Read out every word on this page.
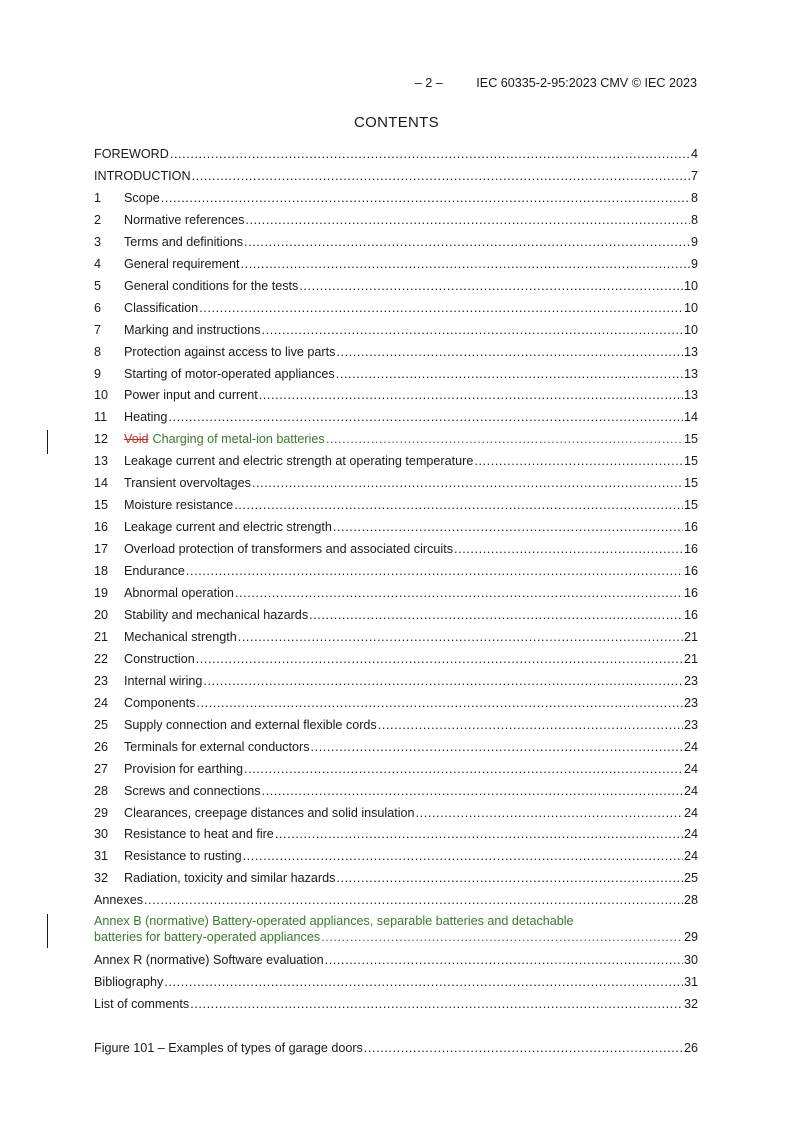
– 2 –	IEC 60335-2-95:2023 CMV © IEC 2023
CONTENTS
FOREWORD .....	4
INTRODUCTION .....	7
1	Scope .....	8
2	Normative references .....	8
3	Terms and definitions .....	9
4	General requirement .....	9
5	General conditions for the tests .....	10
6	Classification .....	10
7	Marking and instructions .....	10
8	Protection against access to live parts .....	13
9	Starting of motor-operated appliances .....	13
10	Power input and current .....	13
11	Heating .....	14
12	Void Charging of metal-ion batteries .....	15
13	Leakage current and electric strength at operating temperature .....	15
14	Transient overvoltages .....	15
15	Moisture resistance .....	15
16	Leakage current and electric strength .....	16
17	Overload protection of transformers and associated circuits .....	16
18	Endurance .....	16
19	Abnormal operation .....	16
20	Stability and mechanical hazards .....	16
21	Mechanical strength .....	21
22	Construction .....	21
23	Internal wiring .....	23
24	Components .....	23
25	Supply connection and external flexible cords .....	23
26	Terminals for external conductors .....	24
27	Provision for earthing .....	24
28	Screws and connections .....	24
29	Clearances, creepage distances and solid insulation .....	24
30	Resistance to heat and fire .....	24
31	Resistance to rusting .....	24
32	Radiation, toxicity and similar hazards .....	25
Annexes .....	28
Annex B (normative) Battery-operated appliances, separable batteries and detachable
batteries for battery-operated appliances .....	29
Annex R (normative) Software evaluation .....	30
Bibliography .....	31
List of comments .....	32
Figure 101 – Examples of types of garage doors .....	26
